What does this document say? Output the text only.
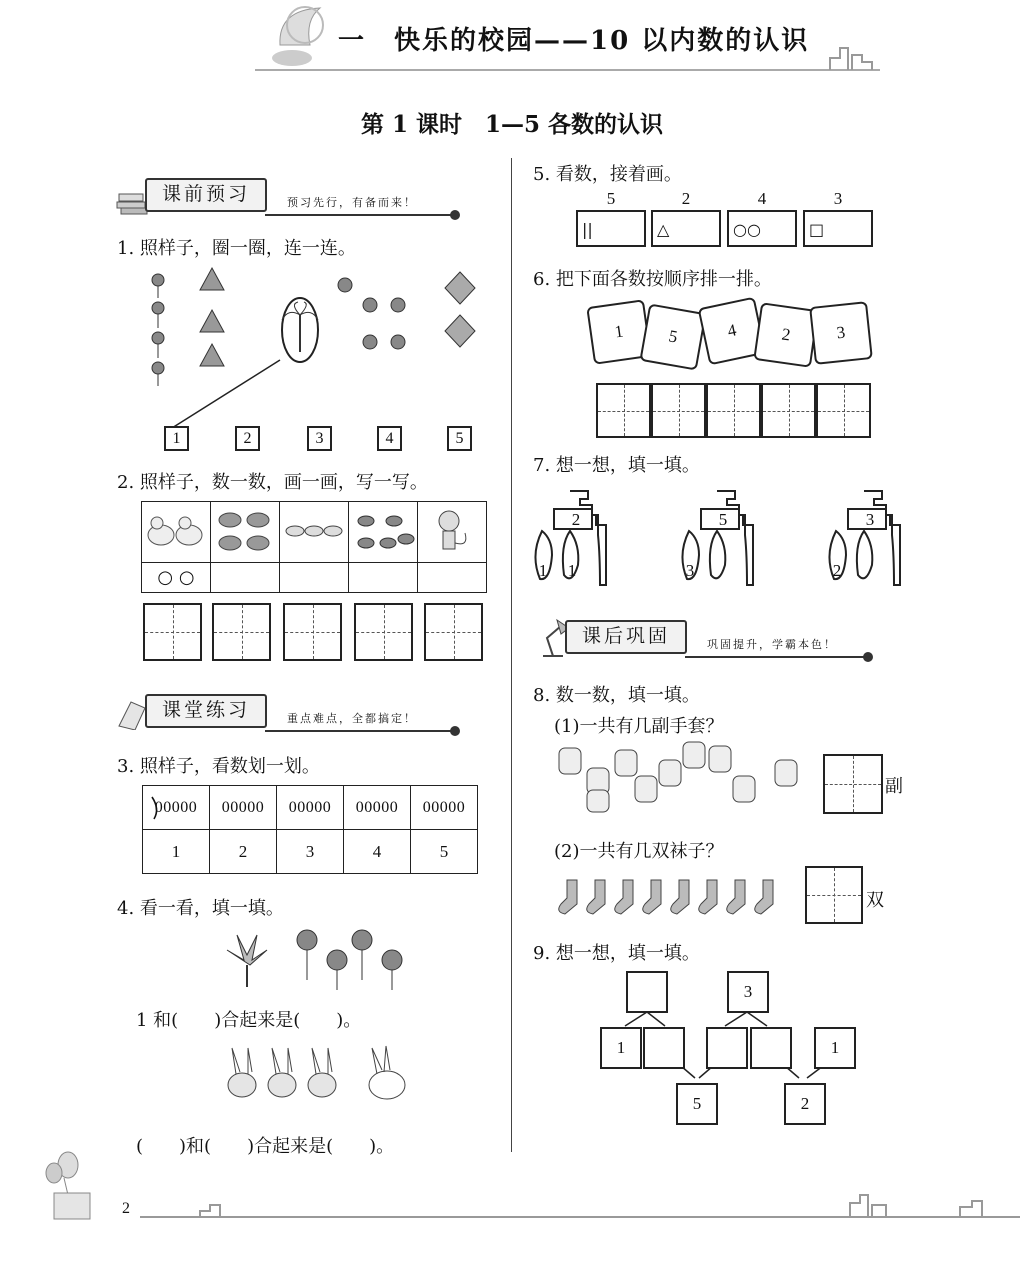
一　快乐的校园——10 以内数的认识
第 1 课时　1—5 各数的认识
课前预习	预习先行，有备而来！
1. 照样子，圈一圈，连一连。
1	2	3	4	5
2. 照样子，数一数，画一画，写一写。

○ ○				
课堂练习	重点难点，全都搞定！
3. 照样子，看数划一划。
00000	00000	00000	00000	00000
1	2	3	4	5
4. 看一看，填一填。
1 和(　　)合起来是(　　)。
(　　)和(　　)合起来是(　　)。
5. 看数，接着画。
5
||
2
△
4
○○
3
□
6. 把下面各数按顺序排一排。
1	5	4	2	3
7. 想一想，填一填。
2
1	1
5
3
3
2
课后巩固	巩固提升，学霸本色！
8. 数一数，填一填。
(1)一共有几副手套？
副
(2)一共有几双袜子？
双
9. 想一想，填一填。
3
1	1
5	2
2
